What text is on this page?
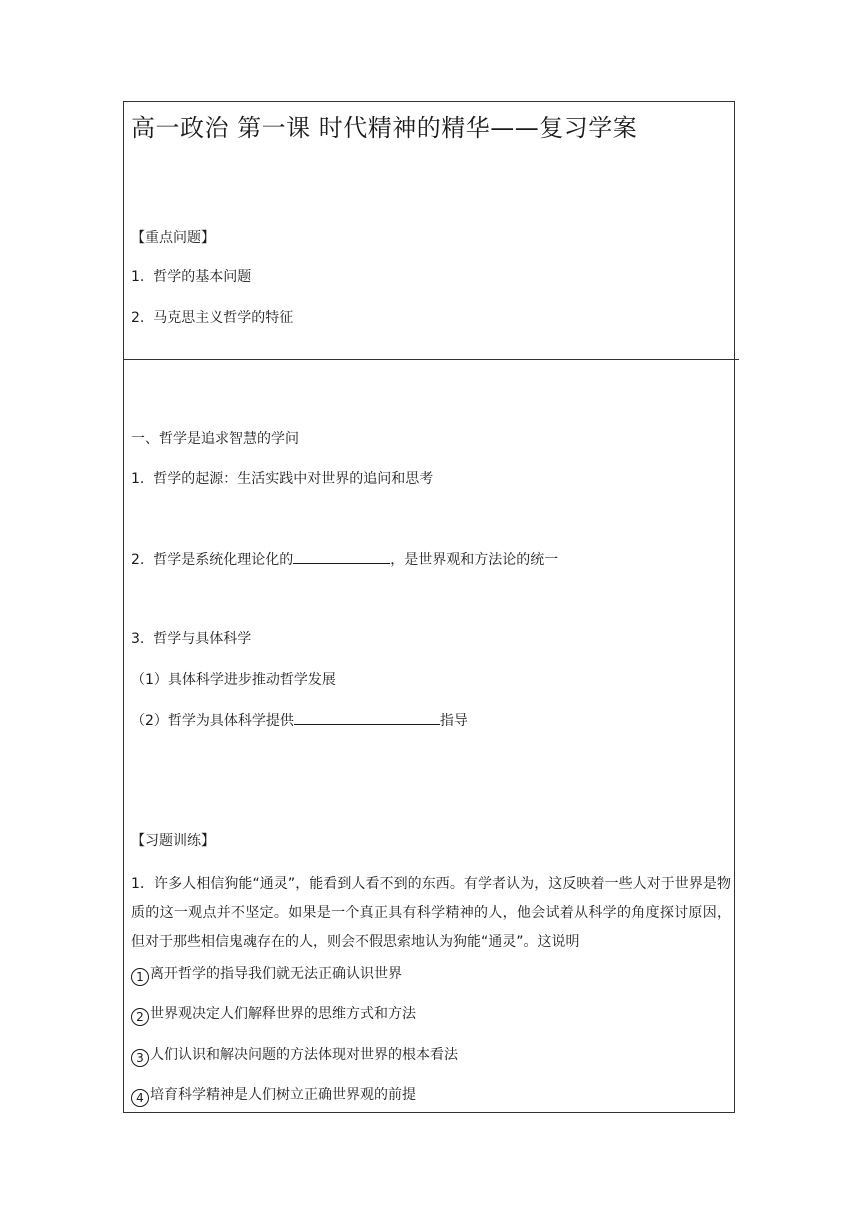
高一政治 第一课 时代精神的精华——复习学案
【重点问题】
1. 哲学的基本问题
2. 马克思主义哲学的特征
一、哲学是追求智慧的学问
1. 哲学的起源：生活实践中对世界的追问和思考
2. 哲学是系统化理论化的	，是世界观和方法论的统一
3. 哲学与具体科学
（1）具体科学进步推动哲学发展
（2）哲学为具体科学提供	指导
【习题训练】
1．许多人相信狗能“通灵”，能看到人看不到的东西。有学者认为，这反映着一些人对于世界是物质的这一观点并不坚定。如果是一个真正具有科学精神的人，他会试着从科学的角度探讨原因，但对于那些相信鬼魂存在的人，则会不假思索地认为狗能“通灵”。这说明
1 离开哲学的指导我们就无法正确认识世界
2 世界观决定人们解释世界的思维方式和方法
3 人们认识和解决问题的方法体现对世界的根本看法
4 培育科学精神是人们树立正确世界观的前提
